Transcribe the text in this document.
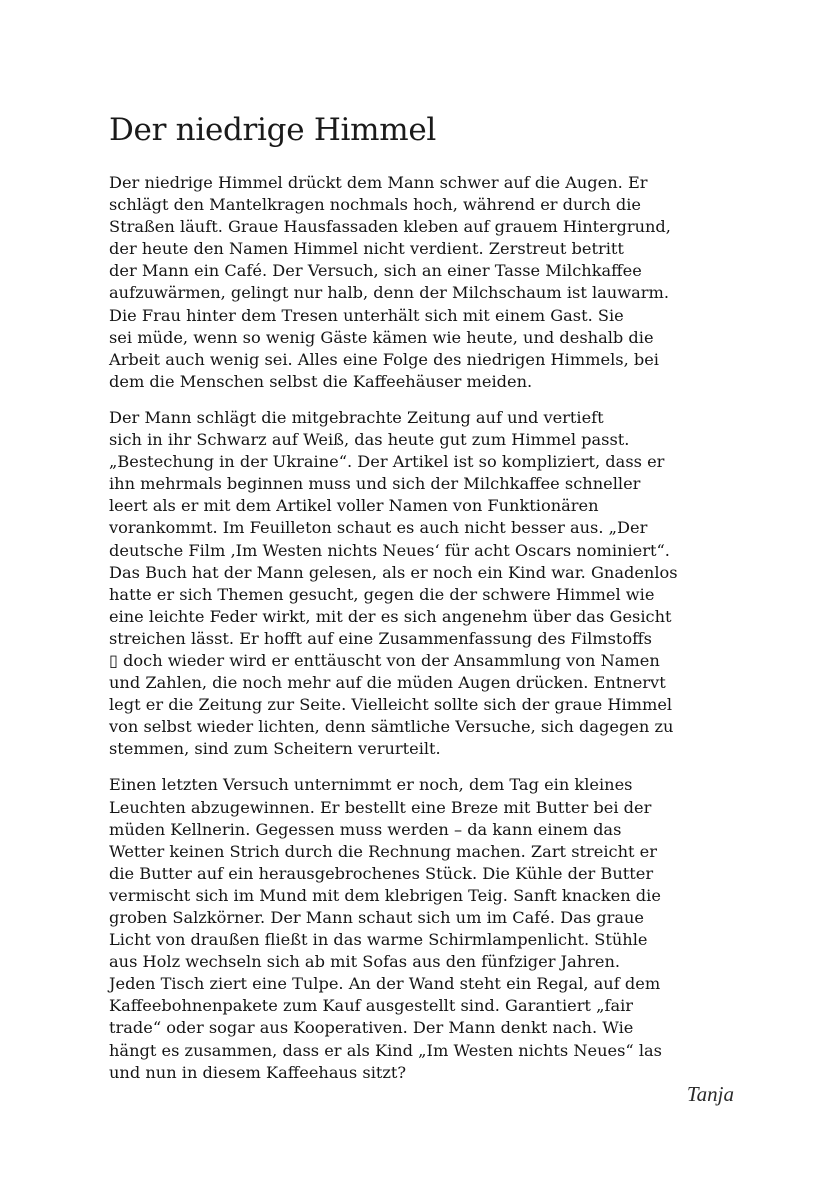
Der niedrige Himmel

Der niedrige Himmel drückt dem Mann schwer auf die Augen. Er
schlägt den Mantelkragen nochmals hoch, während er durch die
Straßen läuft. Graue Hausfassaden kleben auf grauem Hintergrund,
der heute den Namen Himmel nicht verdient. Zerstreut betritt
der Mann ein Café. Der Versuch, sich an einer Tasse Milchkaffee
aufzuwärmen, gelingt nur halb, denn der Milchschaum ist lauwarm.
Die Frau hinter dem Tresen unterhält sich mit einem Gast. Sie
sei müde, wenn so wenig Gäste kämen wie heute, und deshalb die
Arbeit auch wenig sei. Alles eine Folge des niedrigen Himmels, bei
dem die Menschen selbst die Kaffeehäuser meiden.

Der Mann schlägt die mitgebrachte Zeitung auf und vertieft
sich in ihr Schwarz auf Weiß, das heute gut zum Himmel passt.
„Bestechung in der Ukraine“. Der Artikel ist so kompliziert, dass er
ihn mehrmals beginnen muss und sich der Milchkaffee schneller
leert als er mit dem Artikel voller Namen von Funktionären
vorankommt. Im Feuilleton schaut es auch nicht besser aus. „Der
deutsche Film ‚Im Westen nichts Neues‘ für acht Oscars nominiert“.
Das Buch hat der Mann gelesen, als er noch ein Kind war. Gnadenlos
hatte er sich Themen gesucht, gegen die der schwere Himmel wie
eine leichte Feder wirkt, mit der es sich angenehm über das Gesicht
streichen lässt. Er hofft auf eine Zusammenfassung des Filmstoffs
▯ doch wieder wird er enttäuscht von der Ansammlung von Namen
und Zahlen, die noch mehr auf die müden Augen drücken. Entnervt
legt er die Zeitung zur Seite. Vielleicht sollte sich der graue Himmel
von selbst wieder lichten, denn sämtliche Versuche, sich dagegen zu
stemmen, sind zum Scheitern verurteilt.

Einen letzten Versuch unternimmt er noch, dem Tag ein kleines
Leuchten abzugewinnen. Er bestellt eine Breze mit Butter bei der
müden Kellnerin. Gegessen muss werden – da kann einem das
Wetter keinen Strich durch die Rechnung machen. Zart streicht er
die Butter auf ein herausgebrochenes Stück. Die Kühle der Butter
vermischt sich im Mund mit dem klebrigen Teig. Sanft knacken die
groben Salzkörner. Der Mann schaut sich um im Café. Das graue
Licht von draußen fließt in das warme Schirmlampenlicht. Stühle
aus Holz wechseln sich ab mit Sofas aus den fünfziger Jahren.
Jeden Tisch ziert eine Tulpe. An der Wand steht ein Regal, auf dem
Kaffeebohnenpakete zum Kauf ausgestellt sind. Garantiert „fair
trade“ oder sogar aus Kooperativen. Der Mann denkt nach. Wie
hängt es zusammen, dass er als Kind „Im Westen nichts Neues“ las
und nun in diesem Kaffeehaus sitzt?

Tanja
